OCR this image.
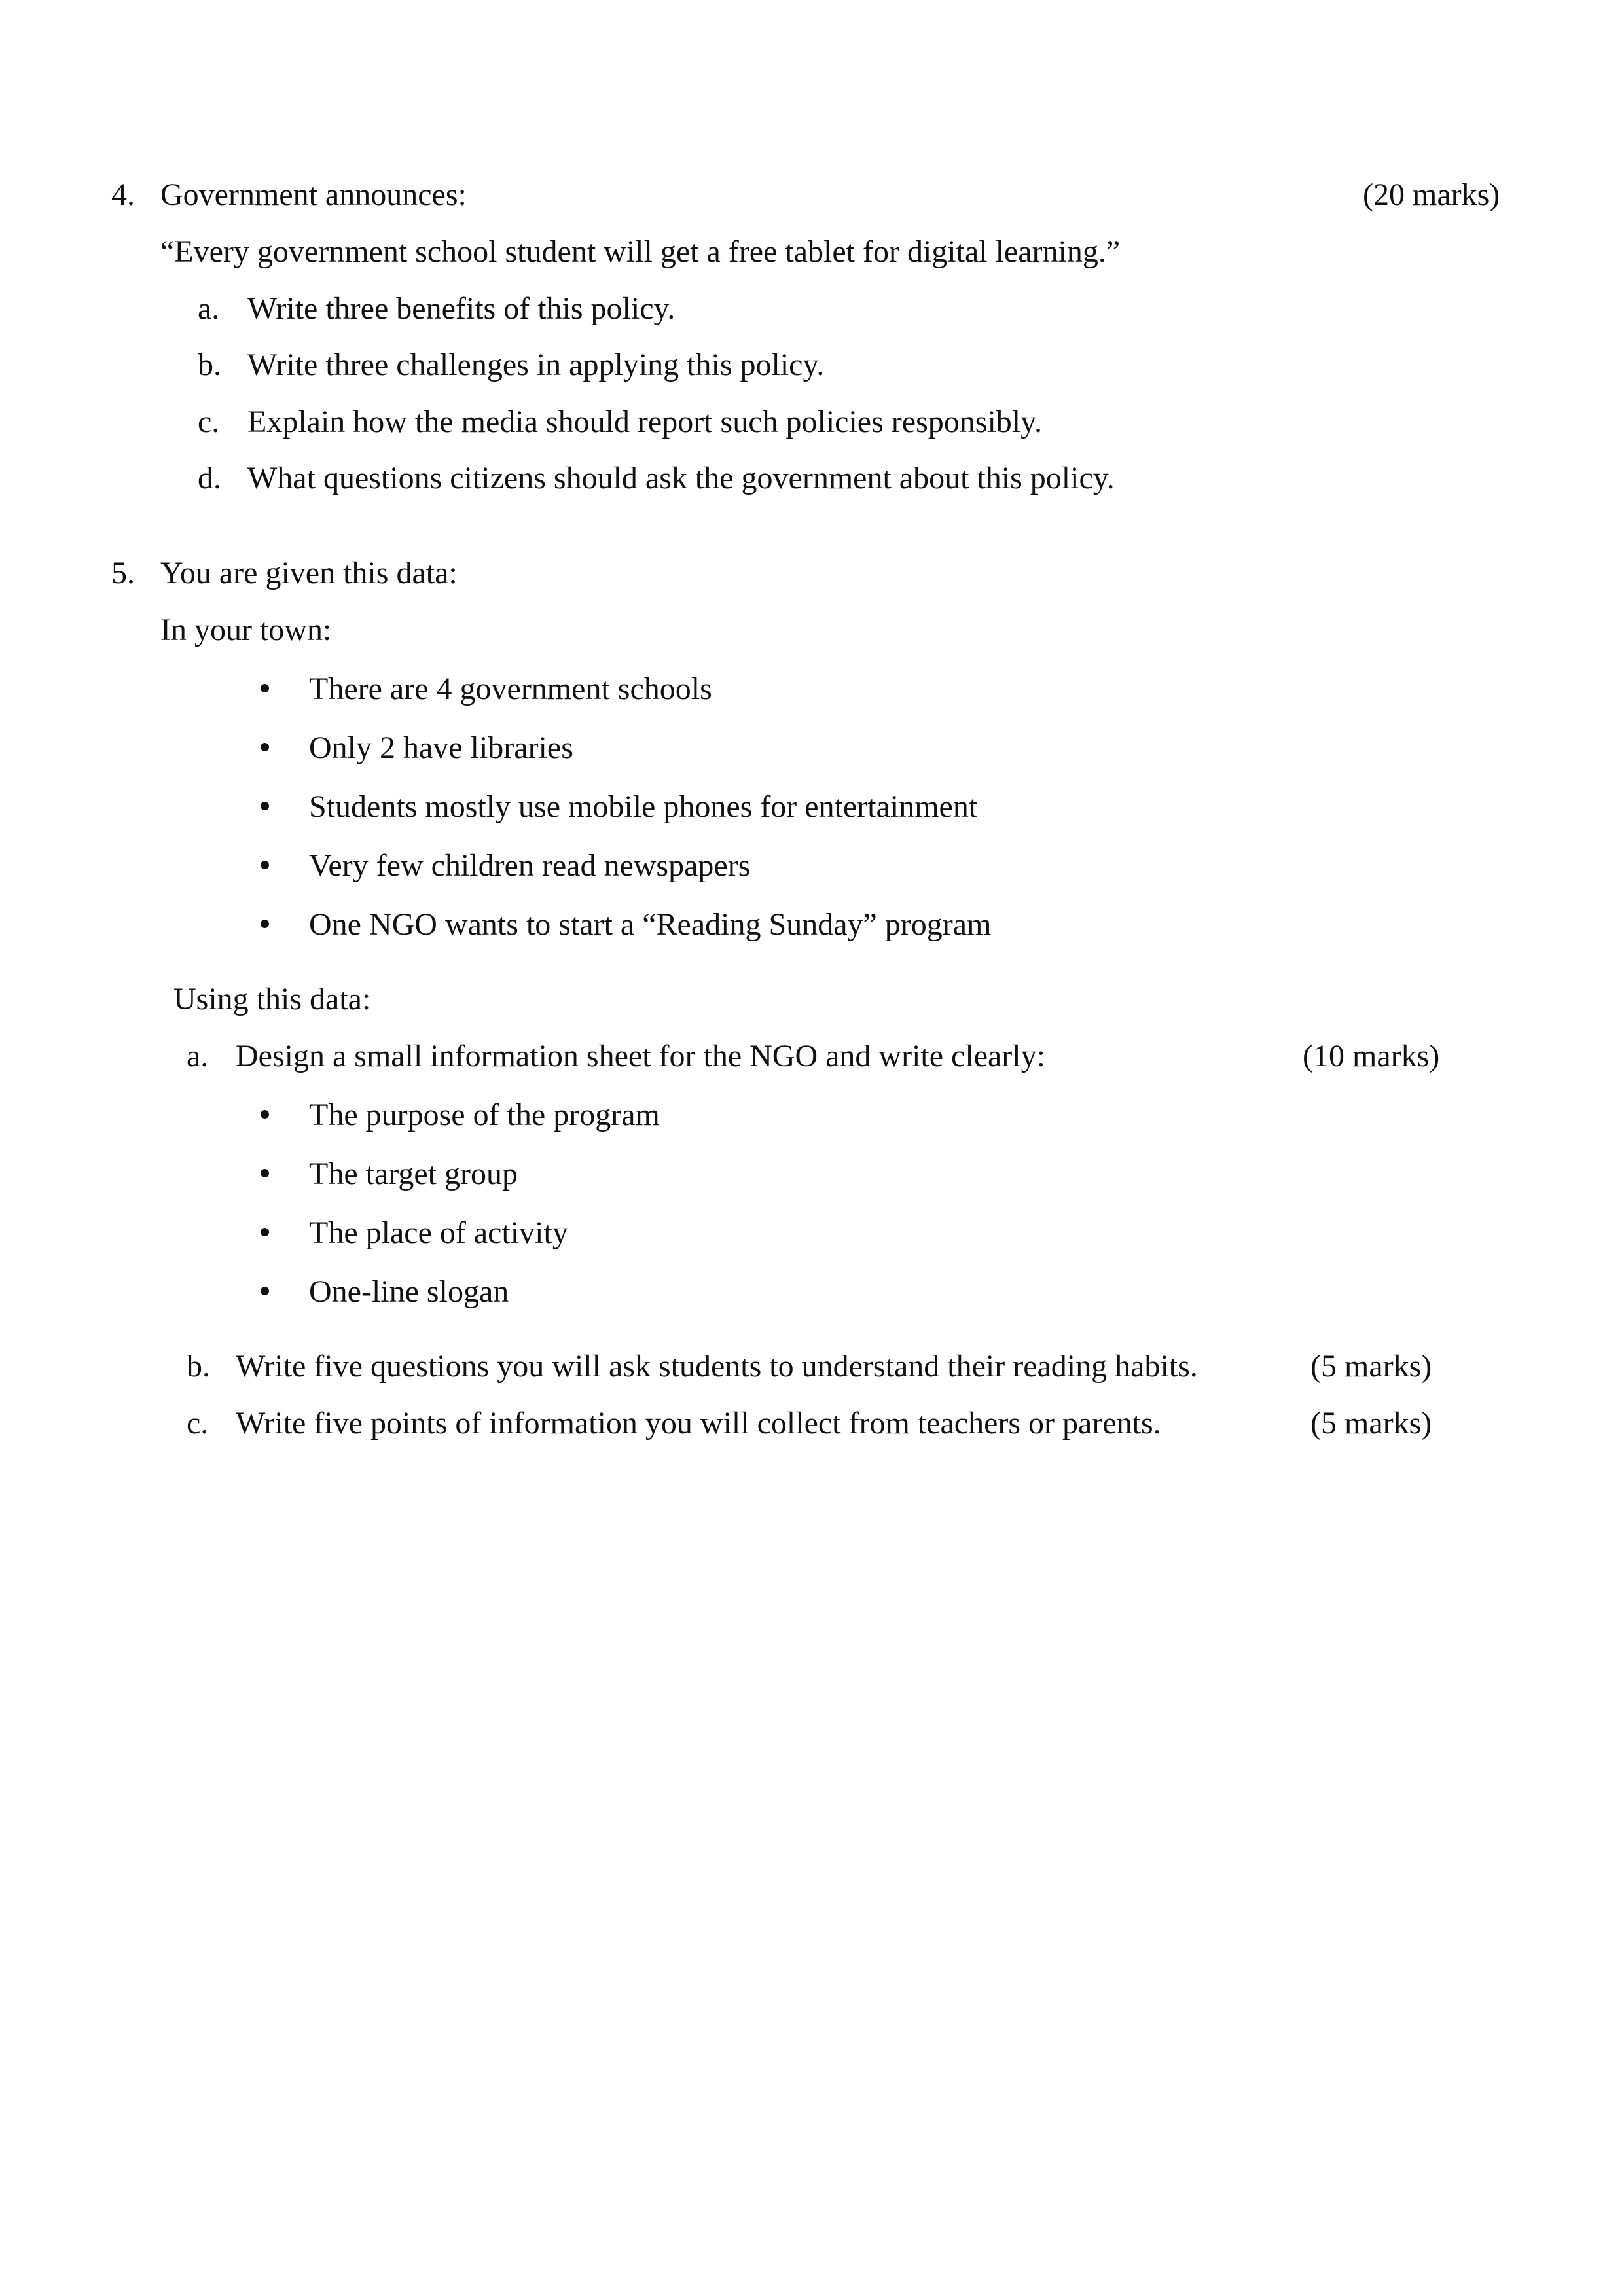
4. Government announces:	(20 marks)
“Every government school student will get a free tablet for digital learning.”
a. Write three benefits of this policy.
b. Write three challenges in applying this policy.
c. Explain how the media should report such policies responsibly.
d. What questions citizens should ask the government about this policy.
5. You are given this data:
In your town:
There are 4 government schools
Only 2 have libraries
Students mostly use mobile phones for entertainment
Very few children read newspapers
One NGO wants to start a “Reading Sunday” program
Using this data:
a. Design a small information sheet for the NGO and write clearly:	(10 marks)
The purpose of the program
The target group
The place of activity
One-line slogan
b. Write five questions you will ask students to understand their reading habits.	(5 marks)
c. Write five points of information you will collect from teachers or parents.	(5 marks)
